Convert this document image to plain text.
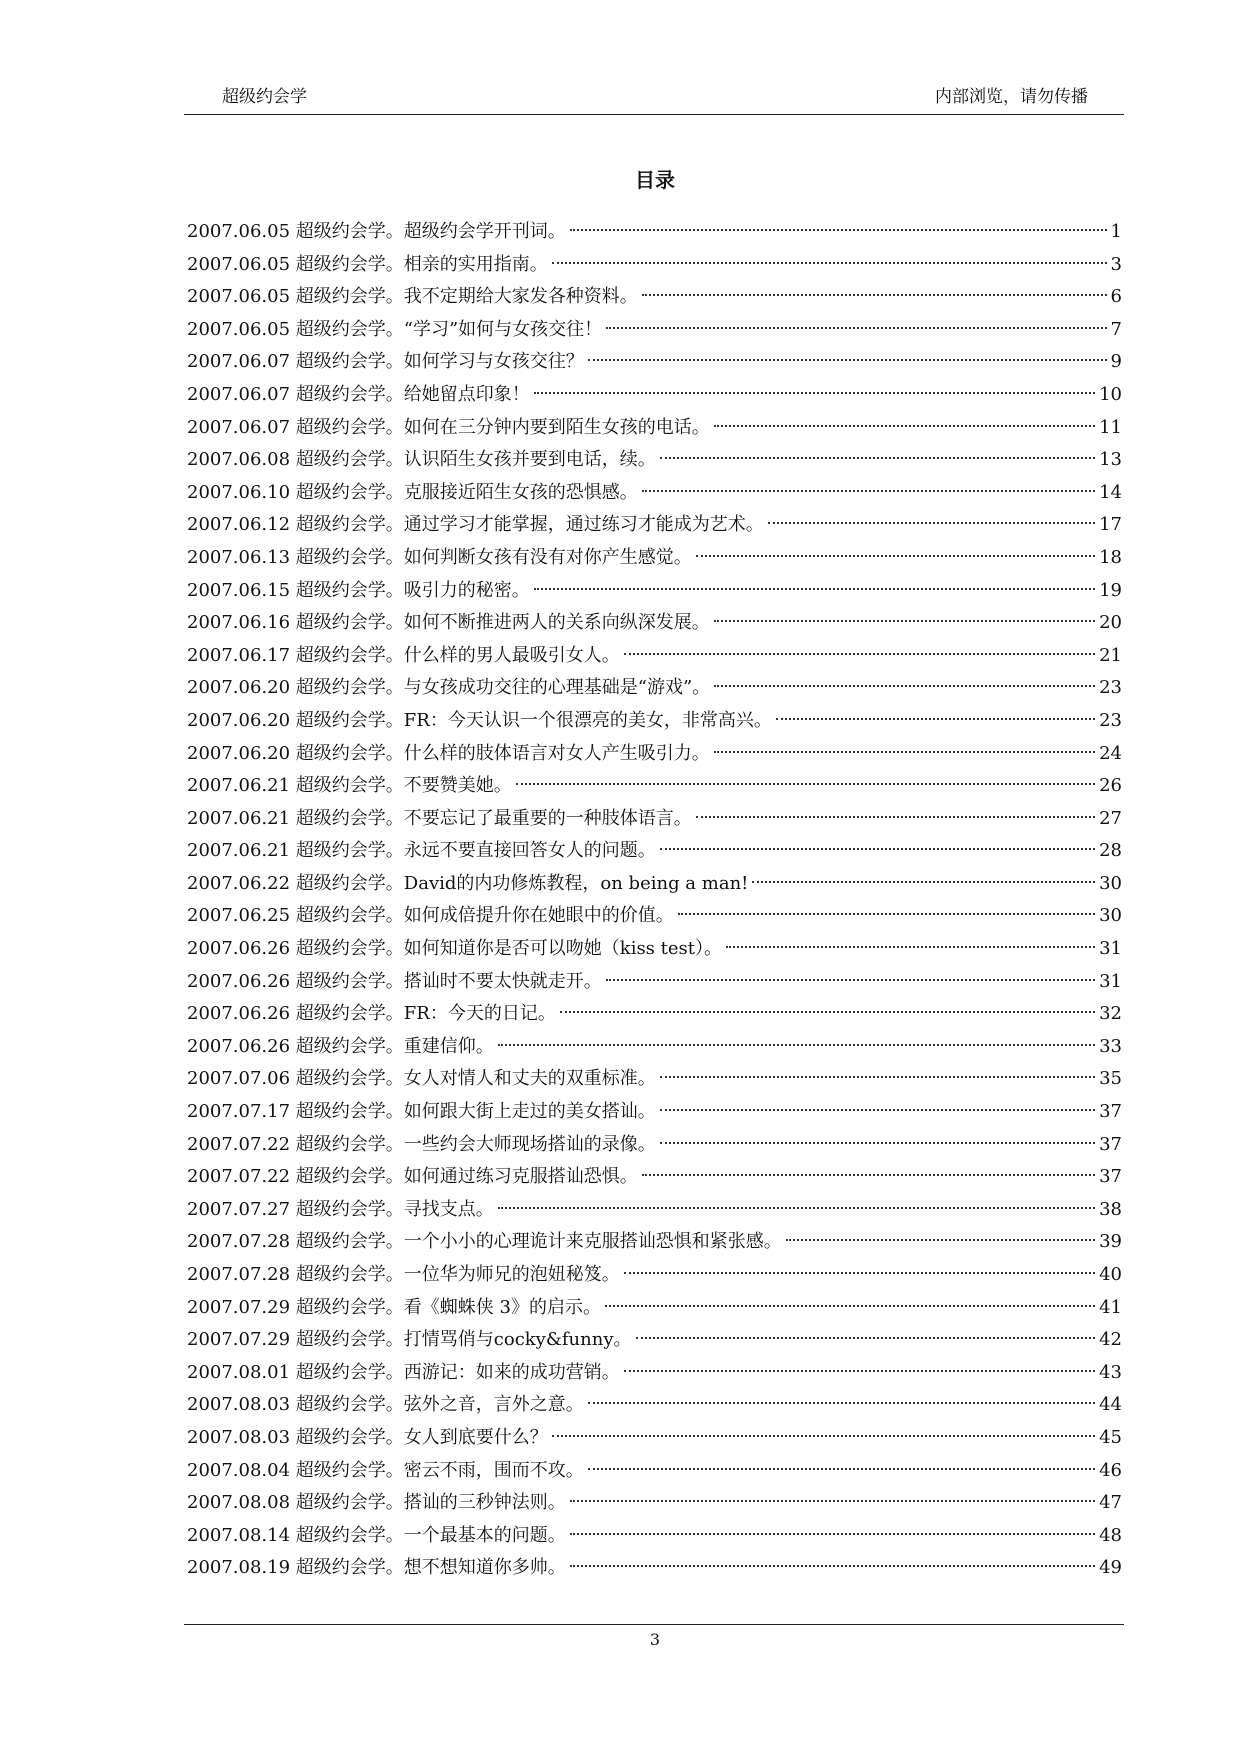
超级约会学	内部浏览，请勿传播
目录
2007.06.05 超级约会学。超级约会学开刊词。	1
2007.06.05 超级约会学。相亲的实用指南。	3
2007.06.05 超级约会学。我不定期给大家发各种资料。	6
2007.06.05 超级约会学。“学习”如何与女孩交往！	7
2007.06.07 超级约会学。如何学习与女孩交往？	9
2007.06.07 超级约会学。给她留点印象！	10
2007.06.07 超级约会学。如何在三分钟内要到陌生女孩的电话。	11
2007.06.08 超级约会学。认识陌生女孩并要到电话，续。	13
2007.06.10 超级约会学。克服接近陌生女孩的恐惧感。	14
2007.06.12 超级约会学。通过学习才能掌握，通过练习才能成为艺术。	17
2007.06.13 超级约会学。如何判断女孩有没有对你产生感觉。	18
2007.06.15 超级约会学。吸引力的秘密。	19
2007.06.16 超级约会学。如何不断推进两人的关系向纵深发展。	20
2007.06.17 超级约会学。什么样的男人最吸引女人。	21
2007.06.20 超级约会学。与女孩成功交往的心理基础是“游戏”。	23
2007.06.20 超级约会学。FR：今天认识一个很漂亮的美女，非常高兴。	23
2007.06.20 超级约会学。什么样的肢体语言对女人产生吸引力。	24
2007.06.21 超级约会学。不要赞美她。	26
2007.06.21 超级约会学。不要忘记了最重要的一种肢体语言。	27
2007.06.21 超级约会学。永远不要直接回答女人的问题。	28
2007.06.22 超级约会学。David的内功修炼教程，on being a man!	30
2007.06.25 超级约会学。如何成倍提升你在她眼中的价值。	30
2007.06.26 超级约会学。如何知道你是否可以吻她（kiss test）。	31
2007.06.26 超级约会学。搭讪时不要太快就走开。	31
2007.06.26 超级约会学。FR：今天的日记。	32
2007.06.26 超级约会学。重建信仰。	33
2007.07.06 超级约会学。女人对情人和丈夫的双重标准。	35
2007.07.17 超级约会学。如何跟大街上走过的美女搭讪。	37
2007.07.22 超级约会学。一些约会大师现场搭讪的录像。	37
2007.07.22 超级约会学。如何通过练习克服搭讪恐惧。	37
2007.07.27 超级约会学。寻找支点。	38
2007.07.28 超级约会学。一个小小的心理诡计来克服搭讪恐惧和紧张感。	39
2007.07.28 超级约会学。一位华为师兄的泡妞秘笈。	40
2007.07.29 超级约会学。看《蜘蛛侠 3》的启示。	41
2007.07.29 超级约会学。打情骂俏与cocky&funny。	42
2007.08.01 超级约会学。西游记：如来的成功营销。	43
2007.08.03 超级约会学。弦外之音，言外之意。	44
2007.08.03 超级约会学。女人到底要什么？	45
2007.08.04 超级约会学。密云不雨，围而不攻。	46
2007.08.08 超级约会学。搭讪的三秒钟法则。	47
2007.08.14 超级约会学。一个最基本的问题。	48
2007.08.19 超级约会学。想不想知道你多帅。	49
3
